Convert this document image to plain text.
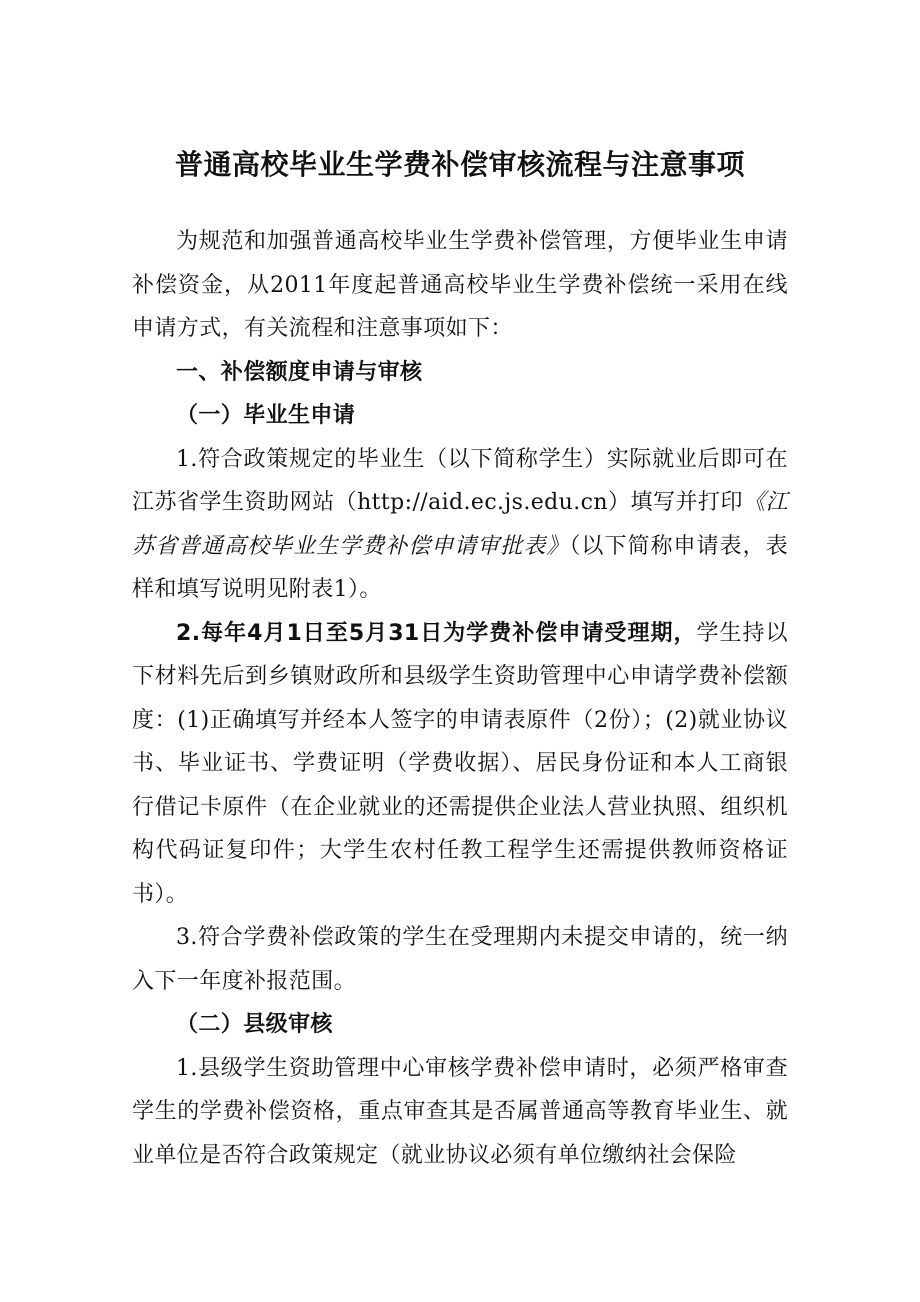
普通高校毕业生学费补偿审核流程与注意事项

为规范和加强普通高校毕业生学费补偿管理，方便毕业生申请补偿资金，从2011年度起普通高校毕业生学费补偿统一采用在线申请方式，有关流程和注意事项如下：

一、补偿额度申请与审核

（一）毕业生申请

1.符合政策规定的毕业生（以下简称学生）实际就业后即可在江苏省学生资助网站（http://aid.ec.js.edu.cn）填写并打印《江苏省普通高校毕业生学费补偿申请审批表》（以下简称申请表，表样和填写说明见附表1）。

2.每年4月1日至5月31日为学费补偿申请受理期，学生持以下材料先后到乡镇财政所和县级学生资助管理中心申请学费补偿额度：(1)正确填写并经本人签字的申请表原件（2份）；(2)就业协议书、毕业证书、学费证明（学费收据）、居民身份证和本人工商银行借记卡原件（在企业就业的还需提供企业法人营业执照、组织机构代码证复印件；大学生农村任教工程学生还需提供教师资格证书）。

3.符合学费补偿政策的学生在受理期内未提交申请的，统一纳入下一年度补报范围。

（二）县级审核

1.县级学生资助管理中心审核学费补偿申请时，必须严格审查学生的学费补偿资格，重点审查其是否属普通高等教育毕业生、就业单位是否符合政策规定（就业协议必须有单位缴纳社会保险
